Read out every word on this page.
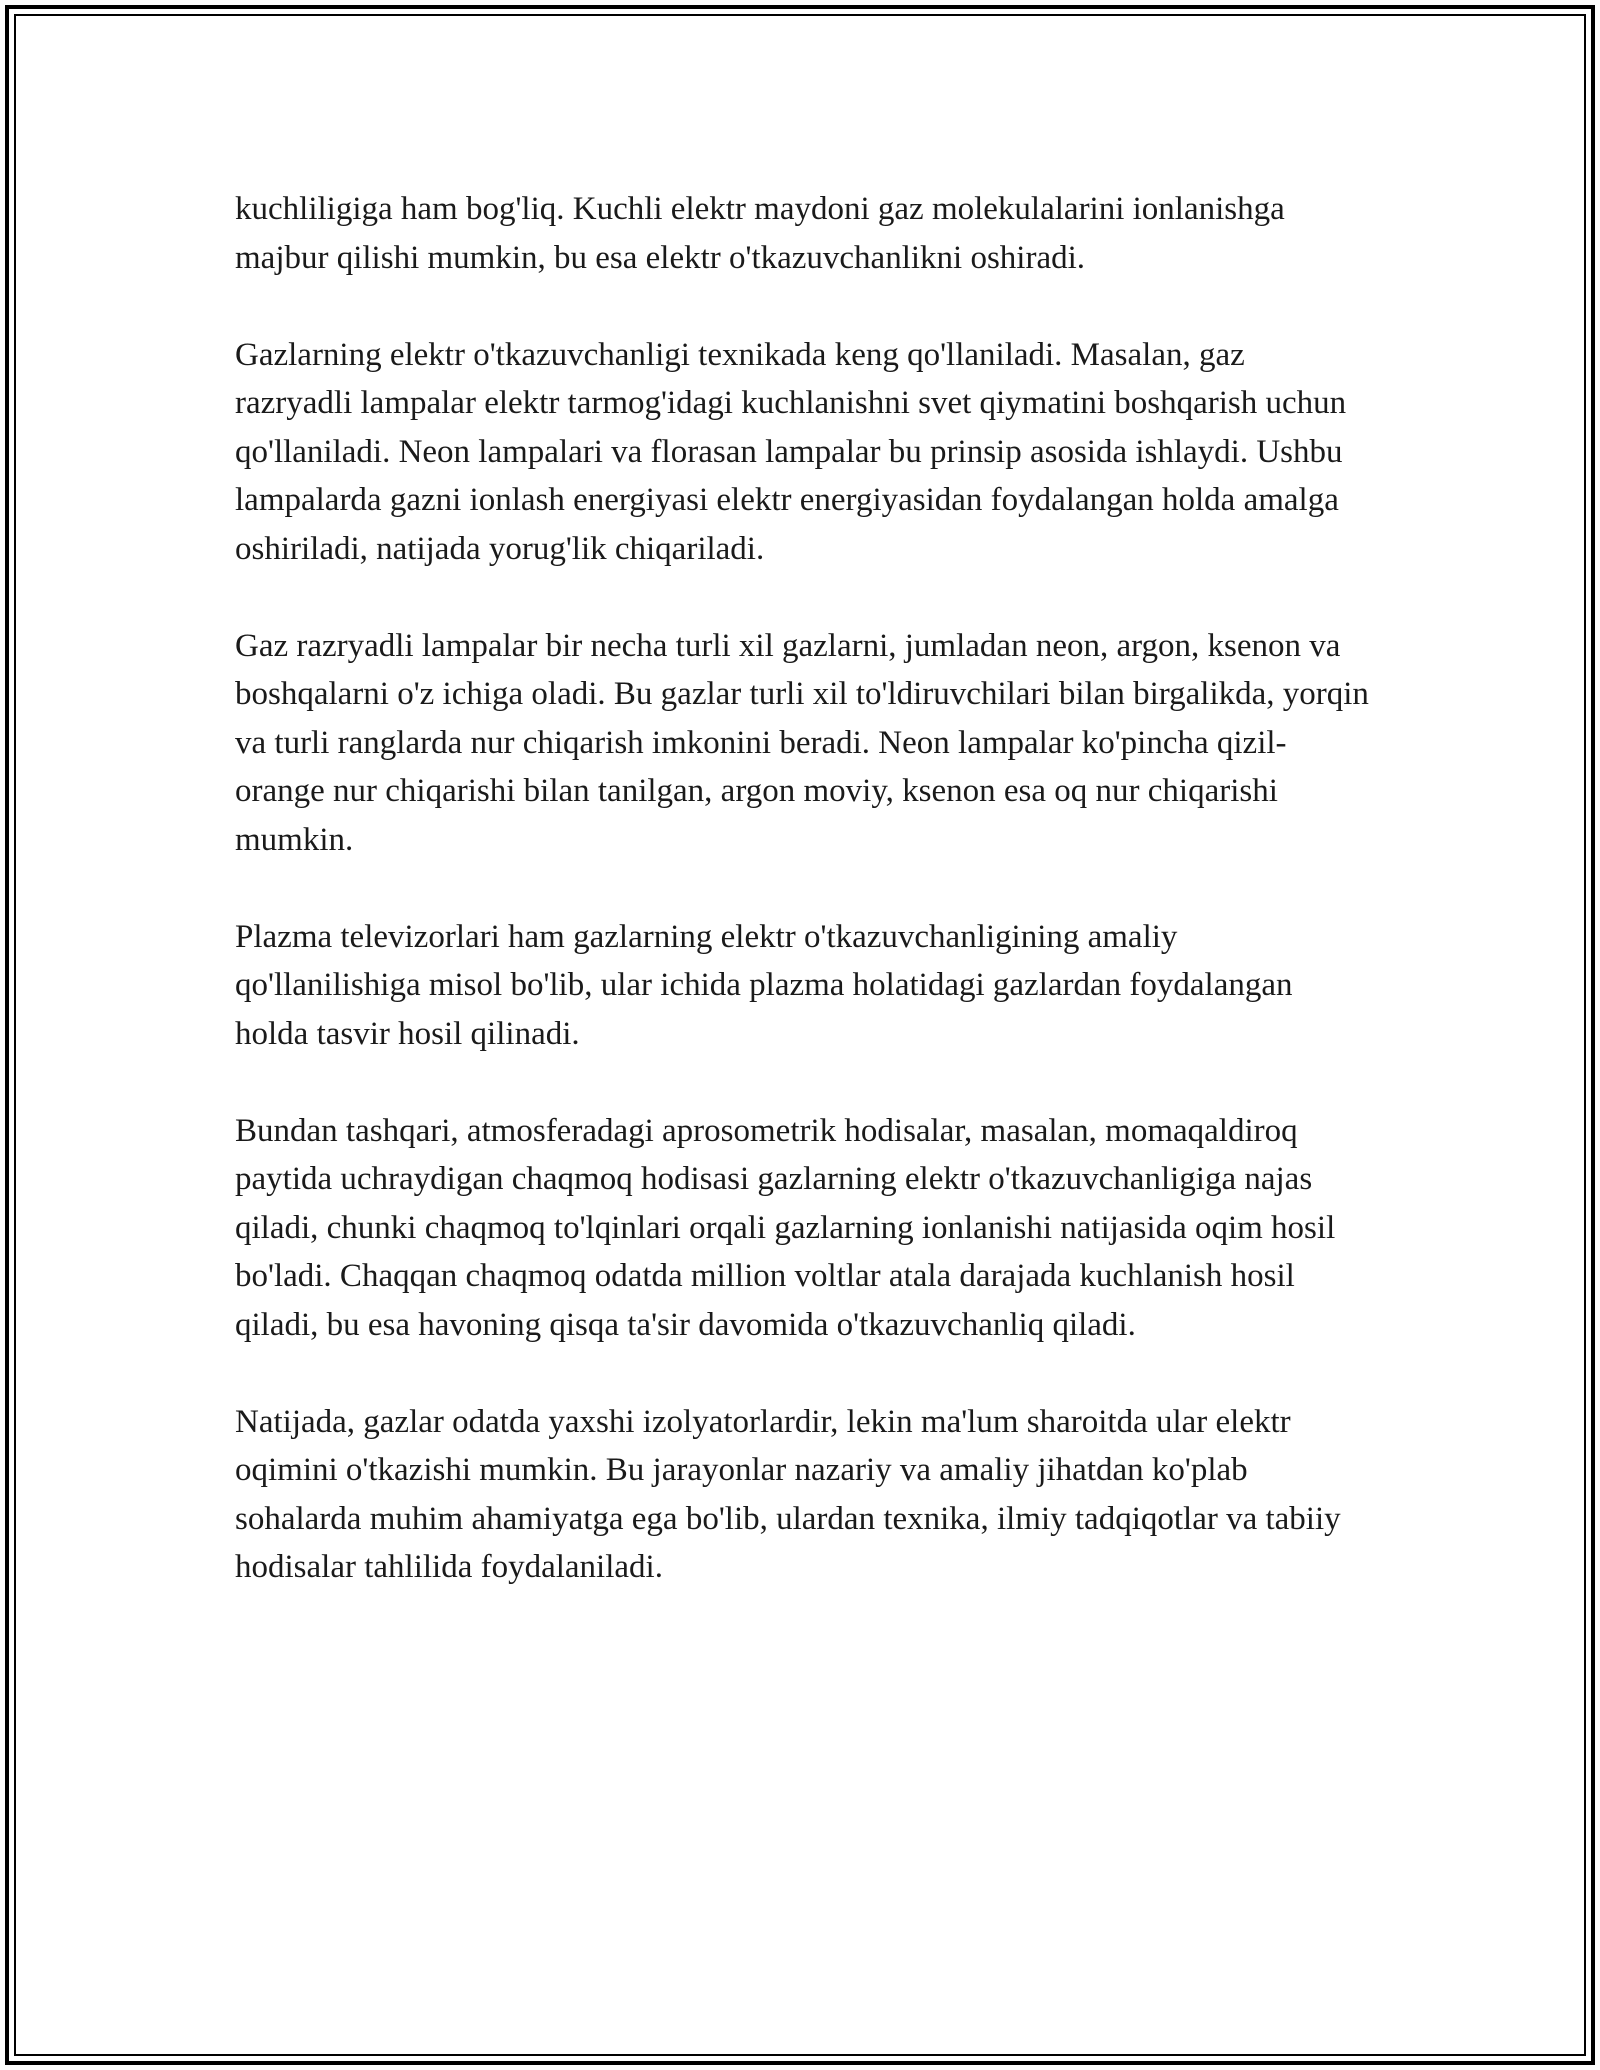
kuchliligiga ham bog'liq. Kuchli elektr maydoni gaz molekulalarini ionlanishga majbur qilishi mumkin, bu esa elektr o'tkazuvchanlikni oshiradi.

Gazlarning elektr o'tkazuvchanligi texnikada keng qo'llaniladi. Masalan, gaz razryadli lampalar elektr tarmog'idagi kuchlanishni svet qiymatini boshqarish uchun qo'llaniladi. Neon lampalari va florasan lampalar bu prinsip asosida ishlaydi. Ushbu lampalarda gazni ionlash energiyasi elektr energiyasidan foydalangan holda amalga oshiriladi, natijada yorug'lik chiqariladi.

Gaz razryadli lampalar bir necha turli xil gazlarni, jumladan neon, argon, ksenon va boshqalarni o'z ichiga oladi. Bu gazlar turli xil to'ldiruvchilari bilan birgalikda, yorqin va turli ranglarda nur chiqarish imkonini beradi. Neon lampalar ko'pincha qizil-orange nur chiqarishi bilan tanilgan, argon moviy, ksenon esa oq nur chiqarishi mumkin.

Plazma televizorlari ham gazlarning elektr o'tkazuvchanligining amaliy qo'llanilishiga misol bo'lib, ular ichida plazma holatidagi gazlardan foydalangan holda tasvir hosil qilinadi.

Bundan tashqari, atmosferadagi aprosometrik hodisalar, masalan, momaqaldiroq paytida uchraydigan chaqmoq hodisasi gazlarning elektr o'tkazuvchanligiga najas qiladi, chunki chaqmoq to'lqinlari orqali gazlarning ionlanishi natijasida oqim hosil bo'ladi. Chaqqan chaqmoq odatda million voltlar atala darajada kuchlanish hosil qiladi, bu esa havoning qisqa ta'sir davomida o'tkazuvchanliq qiladi.

Natijada, gazlar odatda yaxshi izolyatorlardir, lekin ma'lum sharoitda ular elektr oqimini o'tkazishi mumkin. Bu jarayonlar nazariy va amaliy jihatdan ko'plab sohalarda muhim ahamiyatga ega bo'lib, ulardan texnika, ilmiy tadqiqotlar va tabiiy hodisalar tahlilida foydalaniladi.
